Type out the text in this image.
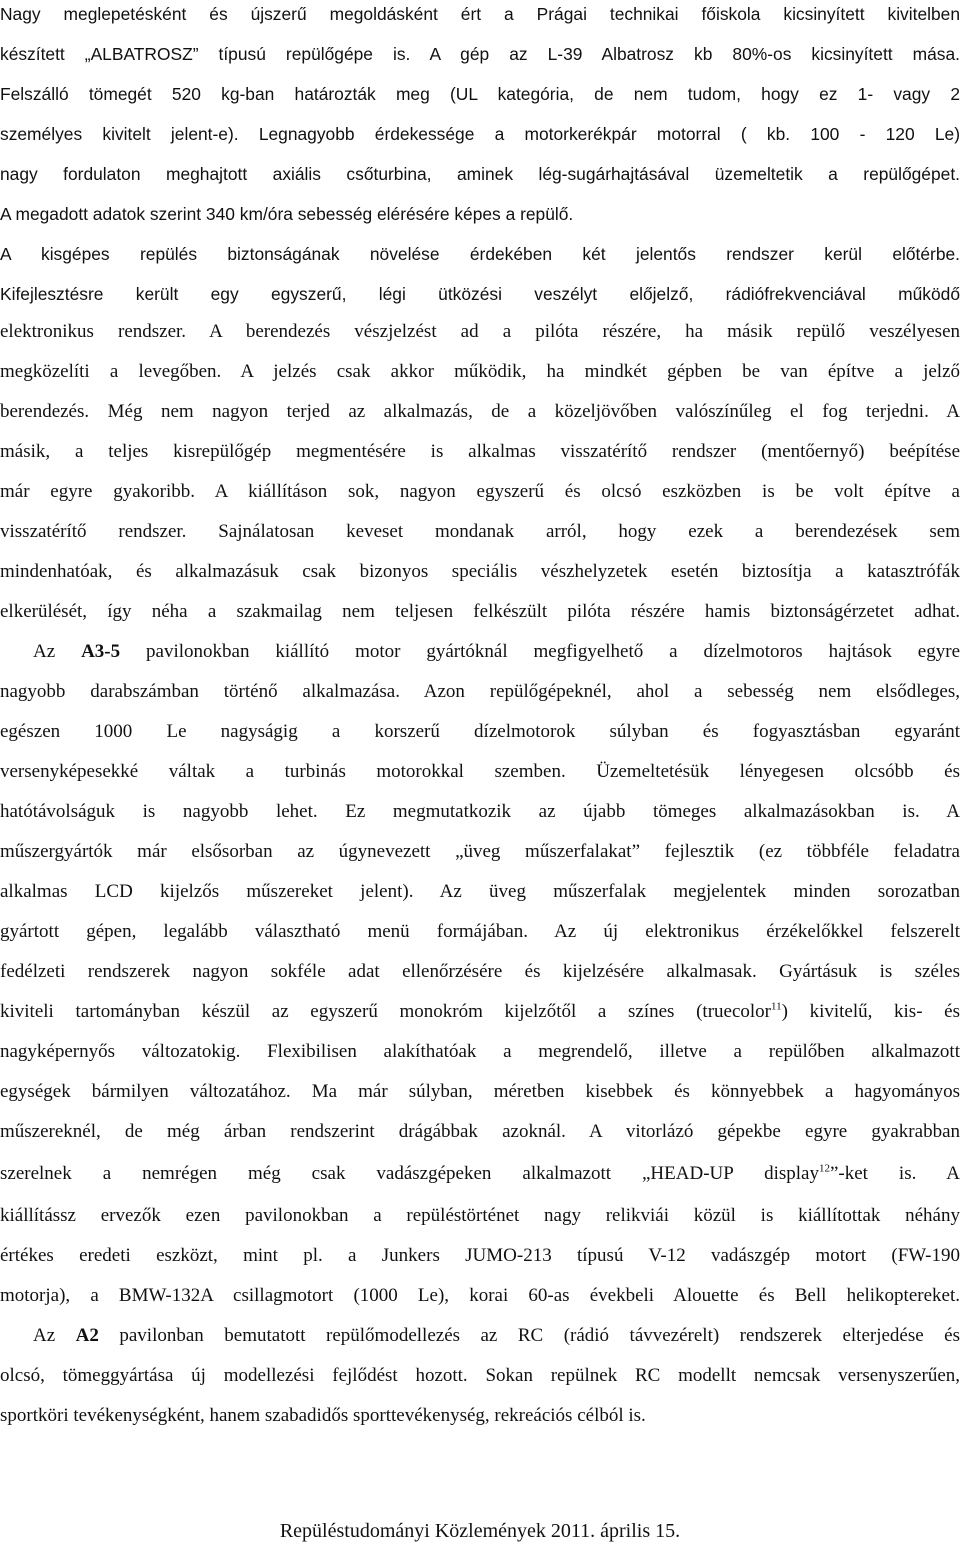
Nagy meglepetésként és újszerű megoldásként ért a Prágai technikai főiskola kicsinyített kivitelben
készített „ALBATROSZ” típusú repülőgépe is. A gép az L-39 Albatrosz kb 80%-os kicsinyített mása.
Felszálló tömegét 520 kg-ban határozták meg (UL kategória, de nem tudom, hogy ez 1- vagy 2
személyes kivitelt jelent-e). Legnagyobb érdekessége a motorkerékpár motorral ( kb. 100 - 120 Le)
nagy fordulaton meghajtott axiális csőturbina, aminek lég-sugárhajtásával üzemeltetik a repülőgépet.
A megadott adatok szerint 340 km/óra sebesség elérésére képes a repülő.
A kisgépes repülés biztonságának növelése érdekében két jelentős rendszer kerül előtérbe.
Kifejlesztésre került egy egyszerű, légi ütközési veszélyt előjelző, rádiófrekvenciával működő
elektronikus rendszer. A berendezés vészjelzést ad a pilóta részére, ha másik repülő veszélyesen
megközelíti a levegőben. A jelzés csak akkor működik, ha mindkét gépben be van építve a jelző
berendezés. Még nem nagyon terjed az alkalmazás, de a közeljövőben valószínűleg el fog terjedni. A
másik, a teljes kisrepülőgép megmentésére is alkalmas visszatérítő rendszer (mentőernyő) beépítése
már egyre gyakoribb. A kiállításon sok, nagyon egyszerű és olcsó eszközben is be volt építve a
visszatérítő rendszer. Sajnálatosan keveset mondanak arról, hogy ezek a berendezések sem
mindenhatóak, és alkalmazásuk csak bizonyos speciális vészhelyzetek esetén biztosítja a katasztrófák
elkerülését, így néha a szakmailag nem teljesen felkészült pilóta részére hamis biztonságérzetet adhat.
Az A3-5 pavilonokban kiállító motor gyártóknál megfigyelhető a dízelmotoros hajtások egyre
nagyobb darabszámban történő alkalmazása. Azon repülőgépeknél, ahol a sebesség nem elsődleges,
egészen 1000 Le nagyságig a korszerű dízelmotorok súlyban és fogyasztásban egyaránt
versenyképesekké váltak a turbinás motorokkal szemben. Üzemeltetésük lényegesen olcsóbb és
hatótávolságuk is nagyobb lehet. Ez megmutatkozik az újabb tömeges alkalmazásokban is. A
műszergyártók már elsősorban az úgynevezett „üveg műszerfalakat” fejlesztik (ez többféle feladatra
alkalmas LCD kijelzős műszereket jelent). Az üveg műszerfalak megjelentek minden sorozatban
gyártott gépen, legalább választható menü formájában. Az új elektronikus érzékelőkkel felszerelt
fedélzeti rendszerek nagyon sokféle adat ellenőrzésére és kijelzésére alkalmasak. Gyártásuk is széles
kiviteli tartományban készül az egyszerű monokróm kijelzőtől a színes (truecolor$^{11}$) kivitelű, kis- és
nagyképernyős változatokig. Flexibilisen alakíthatóak a megrendelő, illetve a repülőben alkalmazott
egységek bármilyen változatához. Ma már súlyban, méretben kisebbek és könnyebbek a hagyományos
műszereknél, de még árban rendszerint drágábbak azoknál. A vitorlázó gépekbe egyre gyakrabban
szerelnek a nemrégen még csak vadászgépeken alkalmazott „HEAD-UP display$^{12}$”-ket is. A
kiállítássz ervezők ezen pavilonokban a repüléstörténet nagy relikviái közül is kiállítottak néhány
értékes eredeti eszközt, mint pl. a Junkers JUMO-213 típusú V-12 vadászgép motort (FW-190
motorja), a BMW-132A csillagmotort (1000 Le), korai 60-as évekbeli Alouette és Bell helikoptereket.
Az A2 pavilonban bemutatott repülőmodellezés az RC (rádió távvezérelt) rendszerek elterjedése és
olcsó, tömeggyártása új modellezési fejlődést hozott. Sokan repülnek RC modellt nemcsak versenyszerűen,
sportköri tevékenységként, hanem szabadidős sporttevékenység, rekreációs célból is.
Repüléstudományi Közlemények 2011. április 15.
